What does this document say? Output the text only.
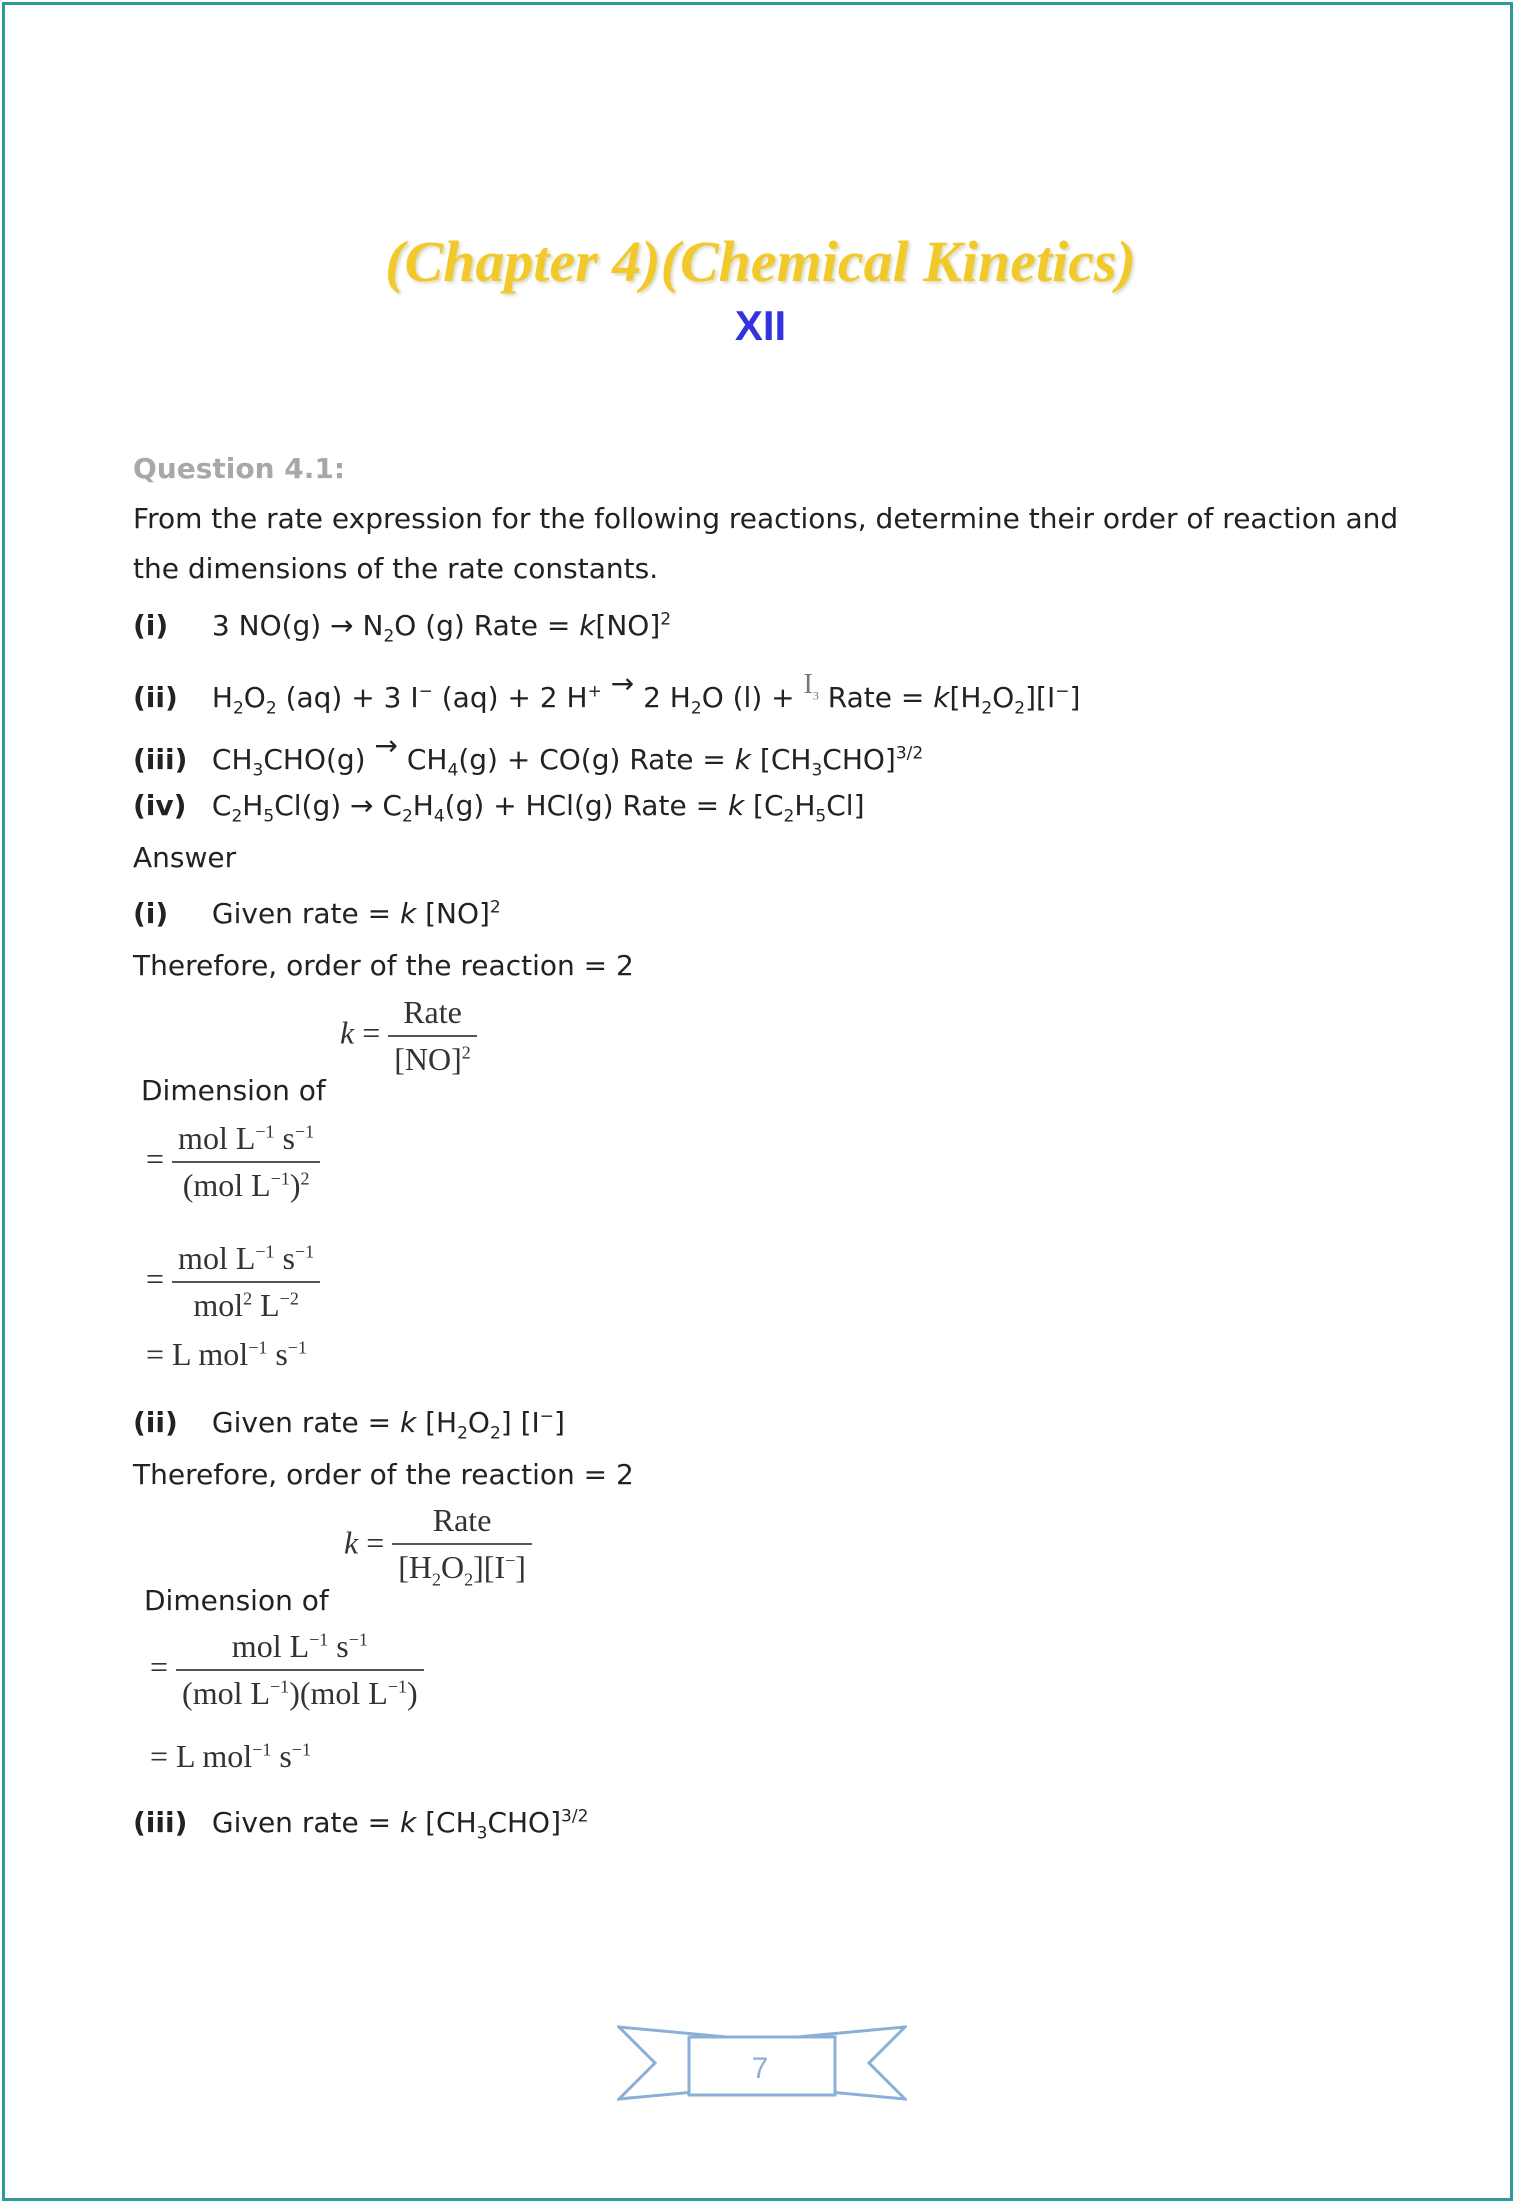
(Chapter 4)(Chemical Kinetics)
XII
Question 4.1:
From the rate expression for the following reactions, determine their order of reaction and
the dimensions of the rate constants.
(i) 3 $NO(g) \to N_2O$ (g) Rate = k[NO]$^2$
(ii) $H_2O_2$ (aq) + 3 I− (aq) + 2 H+ → 2 $H_2O$ $(l) + I_3$ Rate = $k[H_2O_2][I^-]$
(iii) $CH_3CHO(g) \to CH_4(g) + CO(g)$ Rate = k $[CH_3CHO]^{3/2}$
(iv) $C_2H_5Cl(g) \to C_2H_4(g) + HCl(g)$ Rate = k $[C_2H_5Cl]$
Answer
(i) Given rate = k [NO]$^2$
Therefore, order of the reaction = 2
$k = \frac{\text{Rate}}{[NO]^2}$
Dimension of
= $\frac{mol L^{-1} s^{-1}}{(mol L^{-1})^2}$
= $\frac{mol L^{-1} s^{-1}}{mol^2 L^{-2}}$
= L mol$^{-1}$ $s^{-1}$
(ii) Given rate = k $[H_2O_2]$ [I−]
Therefore, order of the reaction = 2
$k = \frac{\text{Rate}}{[H_2O_2][I^-]}$
Dimension of
= $\frac{mol L^{-1} s^{-1}}{(mol L^{-1})(mol L^{-1})}$
= L mol$^{-1}$ $s^{-1}$
(iii) Given rate = k $[CH_3CHO]^{3/2}$
7
